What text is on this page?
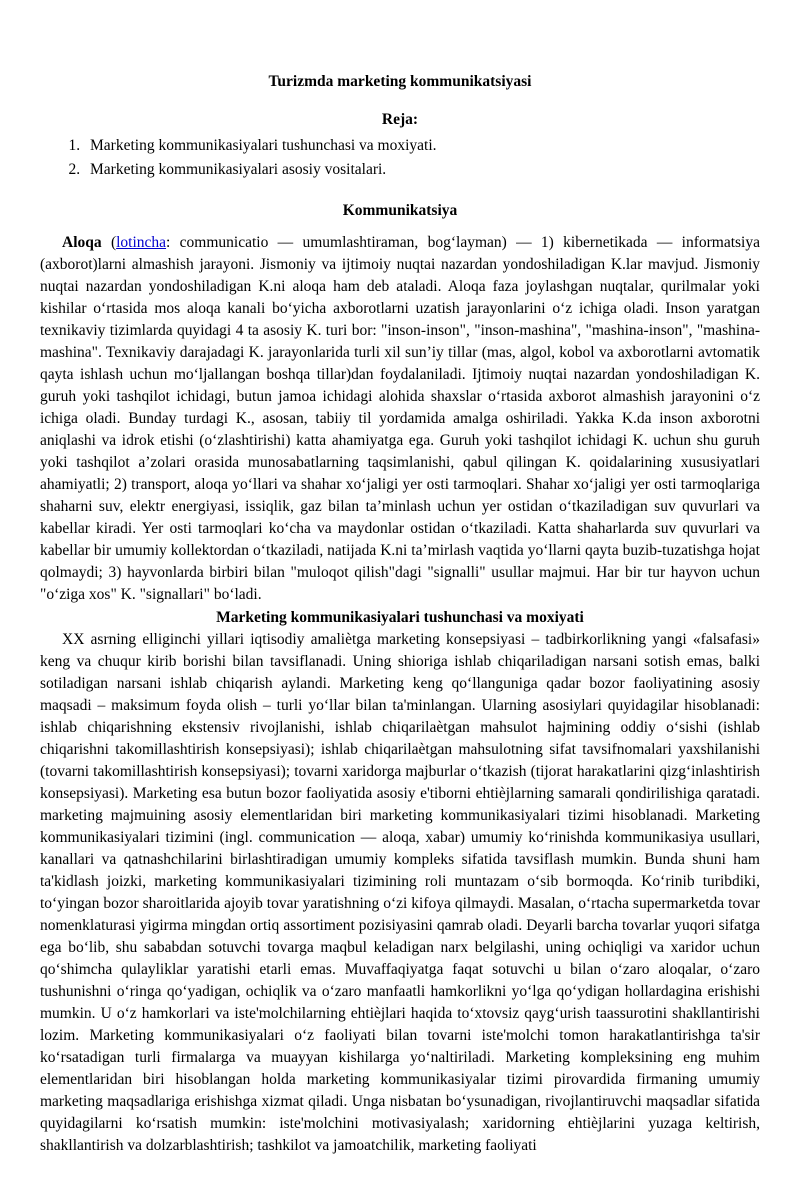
Turizmda marketing kommunikatsiyasi
Reja:
1. Marketing kommunikasiyalari tushunchasi va moxiyati.
2. Marketing kommunikasiyalari asosiy vositalari.
Kommunikatsiya

Aloqa (lotincha: communicatio — umumlashtiraman, bog‘layman) — 1) kibernetikada — informatsiya (axborot)larni almashish jarayoni. Jismoniy va ijtimoiy nuqtai nazardan yondoshiladigan K.lar mavjud. Jismoniy nuqtai nazardan yondoshiladigan K.ni aloqa ham deb ataladi. Aloqa faza joylashgan nuqtalar, qurilmalar yoki kishilar o‘rtasida mos aloqa kanali bo‘yicha axborotlarni uzatish jarayonlarini o‘z ichiga oladi. Inson yaratgan texnikaviy tizimlarda quyidagi 4 ta asosiy K. turi bor: "inson-inson", "inson-mashina", "mashina-inson", "mashina-mashina". Texnikaviy darajadagi K. jarayonlarida turli xil sun’iy tillar (mas, algol, kobol va axborotlarni avtomatik qayta ishlash uchun mo‘ljallangan boshqa tillar)dan foydalaniladi. Ijtimoiy nuqtai nazardan yondoshiladigan K. guruh yoki tashqilot ichidagi, butun jamoa ichidagi alohida shaxslar o‘rtasida axborot almashish jarayonini o‘z ichiga oladi. Bunday turdagi K., asosan, tabiiy til yordamida amalga oshiriladi. Yakka K.da inson axborotni aniqlashi va idrok etishi (o‘zlashtirishi) katta ahamiyatga ega. Guruh yoki tashqilot ichidagi K. uchun shu guruh yoki tashqilot a’zolari orasida munosabatlarning taqsimlanishi, qabul qilingan K. qoidalarining xususiyatlari ahamiyatli; 2) transport, aloqa yo‘llari va shahar xo‘jaligi yer osti tarmoqlari. Shahar xo‘jaligi yer osti tarmoqlariga shaharni suv, elektr energiyasi, issiqlik, gaz bilan ta’minlash uchun yer ostidan o‘tkaziladigan suv quvurlari va kabellar kiradi. Yer osti tarmoqlari ko‘cha va maydonlar ostidan o‘tkaziladi. Katta shaharlarda suv quvurlari va kabellar bir umumiy kollektordan o‘tkaziladi, natijada K.ni ta’mirlash vaqtida yo‘llarni qayta buzib-tuzatishga hojat qolmaydi; 3) hayvonlarda birbiri bilan "muloqot qilish"dagi "signalli" usullar majmui. Har bir tur hayvon uchun "o‘ziga xos" K. "signallari" bo‘ladi.

Marketing kommunikasiyalari tushunchasi va moxiyati

XX asrning elliginchi yillari iqtisodiy amaliètga marketing konsepsiyasi – tadbirkorlikning yangi «falsafasi» keng va chuqur kirib borishi bilan tavsiflanadi. Uning shioriga ishlab chiqariladigan narsani sotish emas, balki sotiladigan narsani ishlab chiqarish aylandi. Marketing keng qo‘llanguniga qadar bozor faoliyatining asosiy maqsadi – maksimum foyda olish – turli yo‘llar bilan ta'minlangan. Ularning asosiylari quyidagilar hisoblanadi: ishlab chiqarishning ekstensiv rivojlanishi, ishlab chiqarilaètgan mahsulot hajmining oddiy o‘sishi (ishlab chiqarishni takomillashtirish konsepsiyasi); ishlab chiqarilaètgan mahsulotning sifat tavsifnomalari yaxshilanishi (tovarni takomillashtirish konsepsiyasi); tovarni xaridorga majburlar o‘tkazish (tijorat harakatlarini qizg‘inlashtirish konsepsiyasi). Marketing esa butun bozor faoliyatida asosiy e'tiborni ehtièjlarning samarali qondirilishiga qaratadi. marketing majmuining asosiy elementlaridan biri marketing kommunikasiyalari tizimi hisoblanadi. Marketing kommunikasiyalari tizimini (ingl. communication — aloqa, xabar) umumiy ko‘rinishda kommunikasiya usullari, kanallari va qatnashchilarini birlashtiradigan umumiy kompleks sifatida tavsiflash mumkin. Bunda shuni ham ta'kidlash joizki, marketing kommunikasiyalari tizimining roli muntazam o‘sib bormoqda. Ko‘rinib turibdiki, to‘yingan bozor sharoitlarida ajoyib tovar yaratishning o‘zi kifoya qilmaydi. Masalan, o‘rtacha supermarketda tovar nomenklaturasi yigirma mingdan ortiq assortiment pozisiyasini qamrab oladi. Deyarli barcha tovarlar yuqori sifatga ega bo‘lib, shu sababdan sotuvchi tovarga maqbul keladigan narx belgilashi, uning ochiqligi va xaridor uchun qo‘shimcha qulayliklar yaratishi etarli emas. Muvaffaqiyatga faqat sotuvchi u bilan o‘zaro aloqalar, o‘zaro tushunishni o‘ringa qo‘yadigan, ochiqlik va o‘zaro manfaatli hamkorlikni yo‘lga qo‘ydigan hollardagina erishishi mumkin. U o‘z hamkorlari va iste'molchilarning ehtièjlari haqida to‘xtovsiz qayg‘urish taassurotini shakllantirishi lozim. Marketing kommunikasiyalari o‘z faoliyati bilan tovarni iste'molchi tomon harakatlantirishga ta'sir ko‘rsatadigan turli firmalarga va muayyan kishilarga yo‘naltiriladi. Marketing kompleksining eng muhim elementlaridan biri hisoblangan holda marketing kommunikasiyalar tizimi pirovardida firmaning umumiy marketing maqsadlariga erishishga xizmat qiladi. Unga nisbatan bo‘ysunadigan, rivojlantiruvchi maqsadlar sifatida quyidagilarni ko‘rsatish mumkin: iste'molchini motivasiyalash; xaridorning ehtièjlarini yuzaga keltirish, shakllantirish va dolzarblashtirish; tashkilot va jamoatchilik, marketing faoliyati
